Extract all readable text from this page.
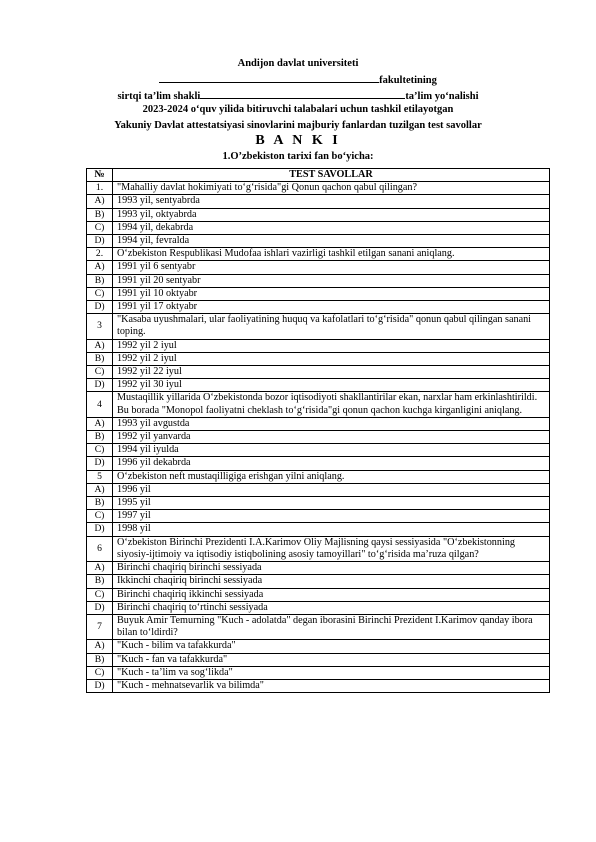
Andijon davlat universiteti
fakultetining
sirtqi ta’lim shakli	ta’lim yo‘nalishi
2023-2024 o‘quv yilida bitiruvchi talabalari uchun tashkil etilayotgan
Yakuniy Davlat attestatsiyasi sinovlarini majburiy fanlardan tuzilgan test savollar
B A N K I
1.O’zbekiston tarixi fan bo‘yicha:
№	TEST SAVOLLAR
1.	"Mahalliy davlat hokimiyati to‘g‘risida"gi Qonun qachon qabul qilingan?
A)	1993 yil, sentyabrda
B)	1993 yil, oktyabrda
C)	1994 yil, dekabrda
D)	1994 yil, fevralda
2.	O‘zbekiston Respublikasi Mudofaa ishlari vazirligi tashkil etilgan sanani aniqlang.
A)	1991 yil 6 sentyabr
B)	1991 yil 20 sentyabr
C)	1991 yil 10 oktyabr
D)	1991 yil 17 oktyabr
3	"Kasaba uyushmalari, ular faoliyatining huquq va kafolatlari to‘g‘risida" qonun qabul qilingan sanani toping.
A)	1992 yil 2 iyul
B)	1992 yil 2 iyul
C)	1992 yil 22 iyul
D)	1992 yil 30 iyul
4	Mustaqillik yillarida O‘zbekistonda bozor iqtisodiyoti shakllantirilar ekan, narxlar ham erkinlashtirildi. Bu borada "Monopol faoliyatni cheklash to‘g‘risida"gi qonun qachon kuchga kirganligini aniqlang.
A)	1993 yil avgustda
B)	1992 yil yanvarda
C)	1994 yil iyulda
D)	1996 yil dekabrda
5	O‘zbekiston neft mustaqilligiga erishgan yilni aniqlang.
A)	1996 yil
B)	1995 yil
C)	1997 yil
D)	1998 yil
6	O‘zbekiston Birinchi Prezidenti I.A.Karimov Oliy Majlisning qaysi sessiyasida "O‘zbekistonning siyosiy-ijtimoiy va iqtisodiy istiqbolining asosiy tamoyillari" to‘g‘risida ma’ruza qilgan?
A)	Birinchi chaqiriq birinchi sessiyada
B)	Ikkinchi chaqiriq birinchi sessiyada
C)	Birinchi chaqiriq ikkinchi sessiyada
D)	Birinchi chaqiriq to‘rtinchi sessiyada
7	Buyuk Amir Temurning "Kuch - adolatda" degan iborasini Birinchi Prezident I.Karimov qanday ibora bilan to‘ldirdi?
A)	"Kuch - bilim va tafakkurda"
B)	"Kuch - fan va tafakkurda"
C)	"Kuch - ta’lim va sog‘likda"
D)	"Kuch - mehnatsevarlik va bilimda"
